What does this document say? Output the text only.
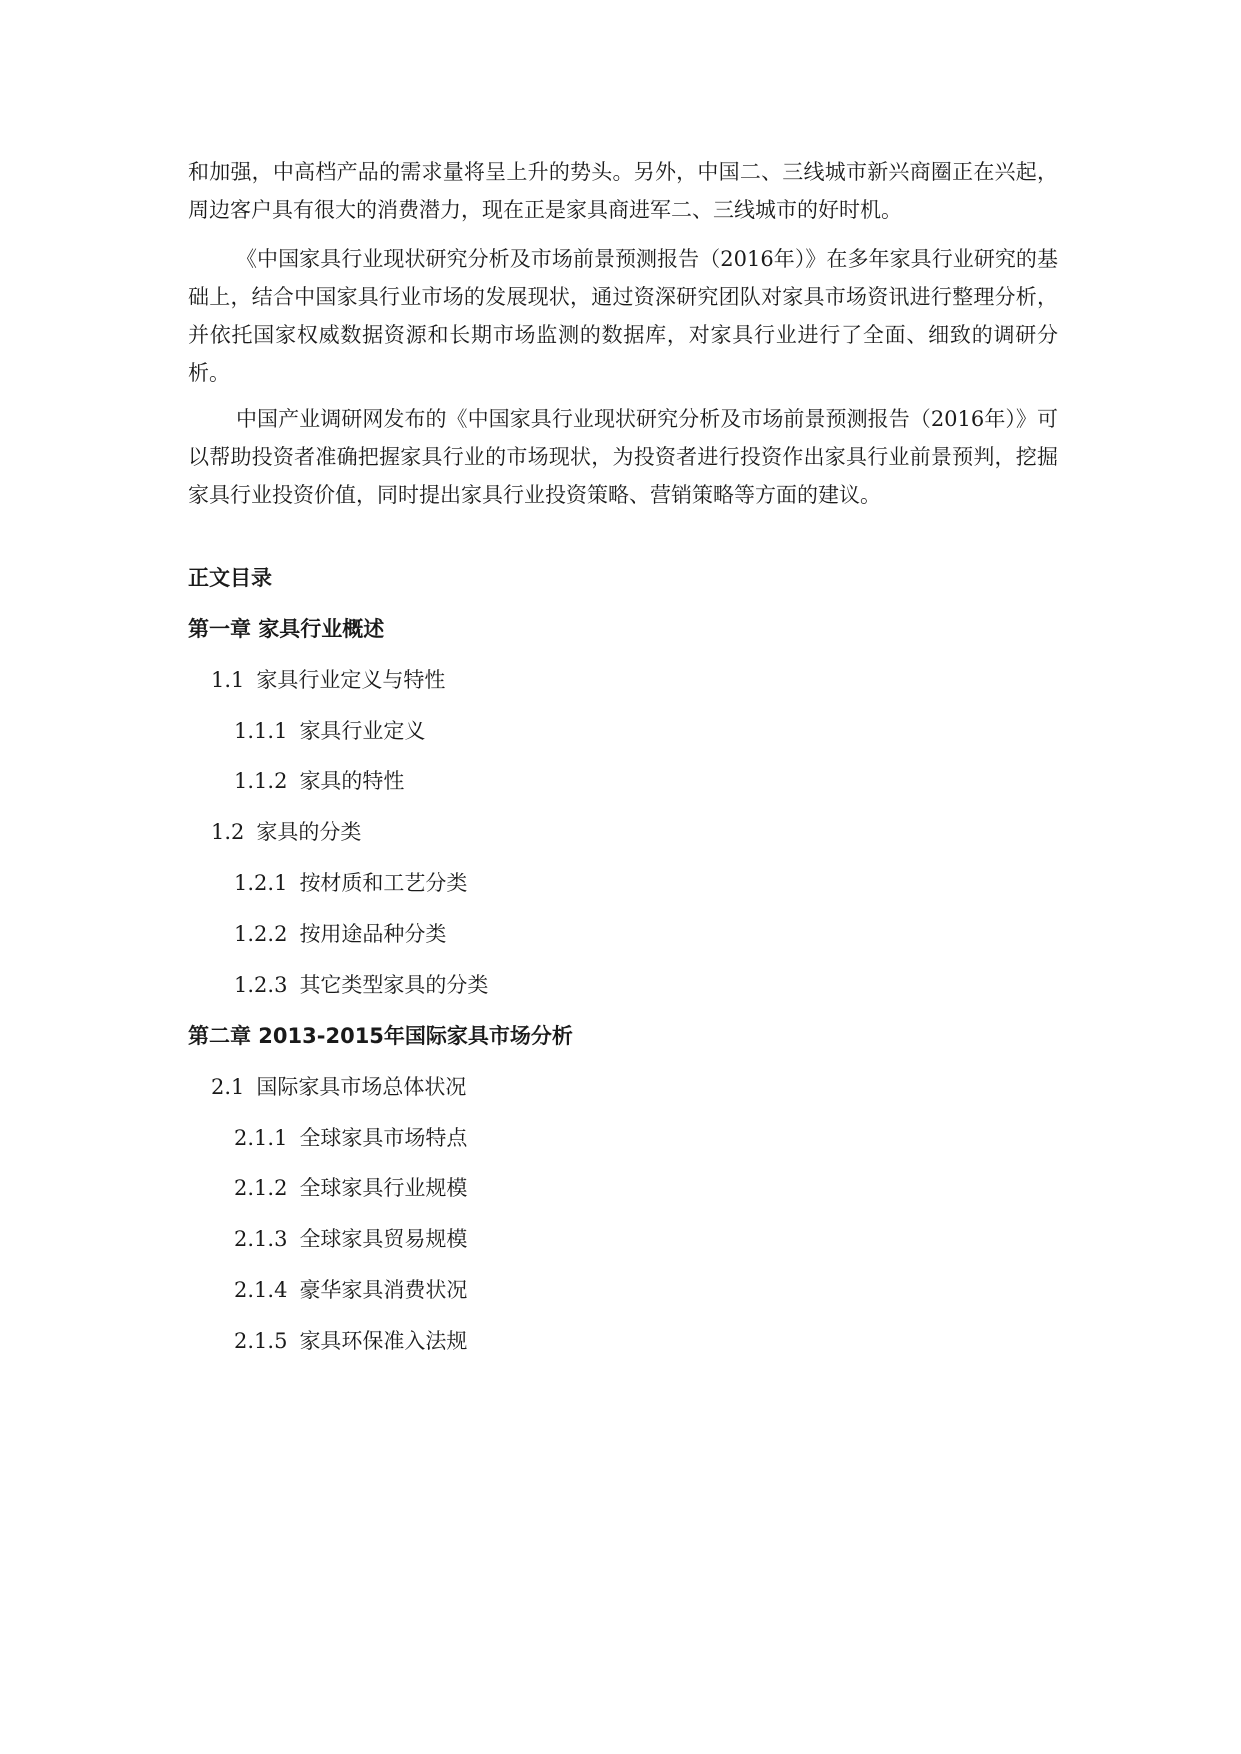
和加强，中高档产品的需求量将呈上升的势头。另外，中国二、三线城市新兴商圈正在兴起，周边客户具有很大的消费潜力，现在正是家具商进军二、三线城市的好时机。

《中国家具行业现状研究分析及市场前景预测报告（2016年）》在多年家具行业研究的基础上，结合中国家具行业市场的发展现状，通过资深研究团队对家具市场资讯进行整理分析，并依托国家权威数据资源和长期市场监测的数据库，对家具行业进行了全面、细致的调研分析。

中国产业调研网发布的《中国家具行业现状研究分析及市场前景预测报告（2016年）》可以帮助投资者准确把握家具行业的市场现状，为投资者进行投资作出家具行业前景预判，挖掘家具行业投资价值，同时提出家具行业投资策略、营销策略等方面的建议。

正文目录
第一章 家具行业概述
1.1 家具行业定义与特性
1.1.1 家具行业定义
1.1.2 家具的特性
1.2 家具的分类
1.2.1 按材质和工艺分类
1.2.2 按用途品种分类
1.2.3 其它类型家具的分类
第二章 2013-2015年国际家具市场分析
2.1 国际家具市场总体状况
2.1.1 全球家具市场特点
2.1.2 全球家具行业规模
2.1.3 全球家具贸易规模
2.1.4 豪华家具消费状况
2.1.5 家具环保准入法规
